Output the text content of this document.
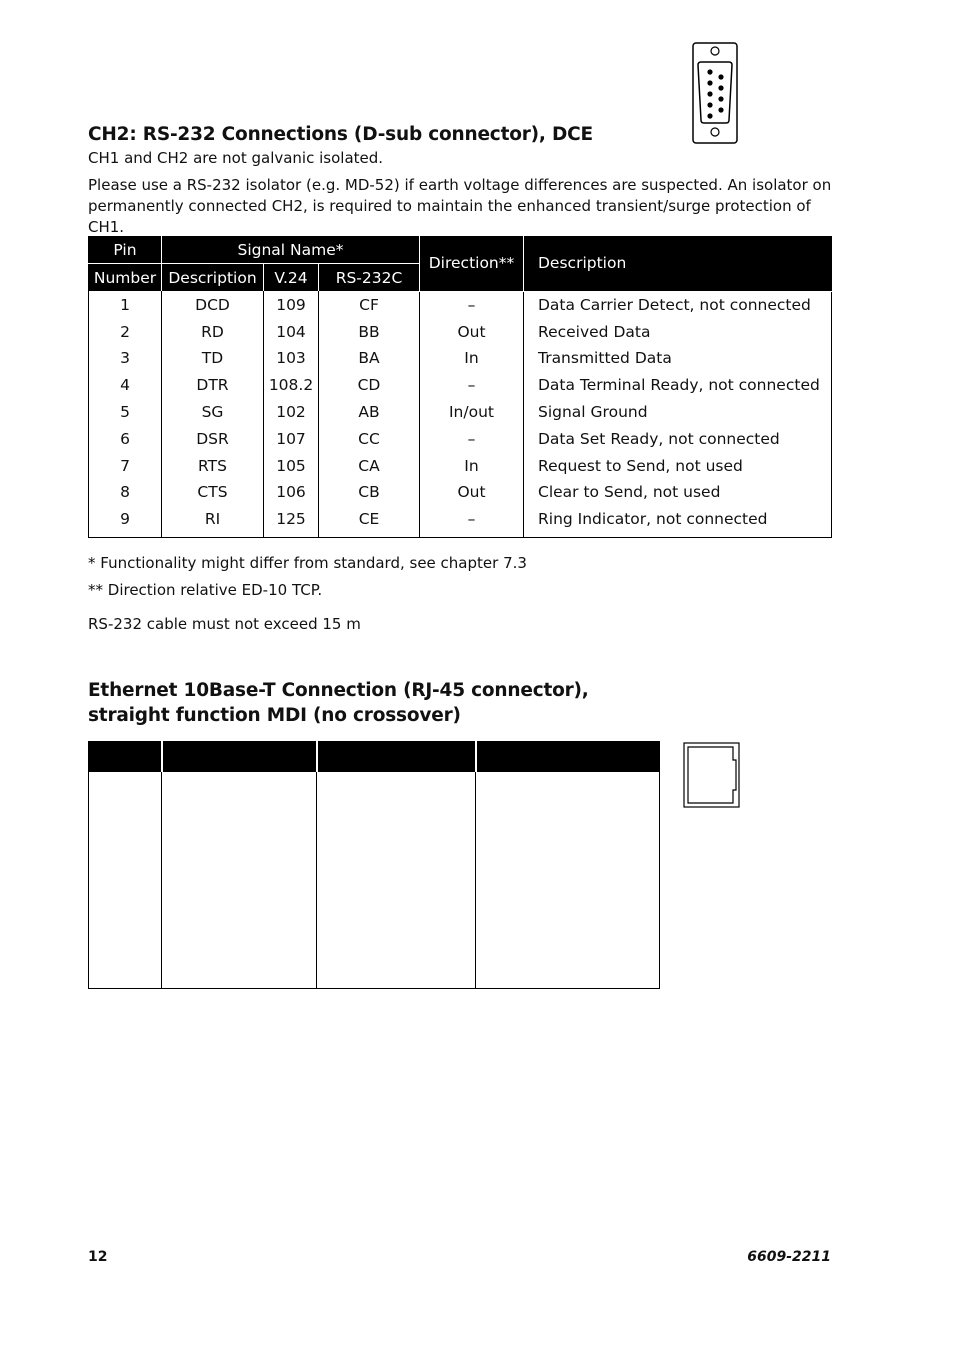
CH2: RS-232 Connections (D-sub connector), DCE
CH1 and CH2 are not galvanic isolated.
Please use a RS-232 isolator (e.g. MD-52) if earth voltage differences are suspected. An isolator on permanently connected CH2, is required to maintain the enhanced transient/surge protection of CH1.
Pin	Signal Name*			Direction**	Description
Number	Description	V.24	RS-232C		
1	DCD	109	CF	–	Data Carrier Detect, not connected
2	RD	104	BB	Out	Received Data
3	TD	103	BA	In	Transmitted Data
4	DTR	108.2	CD	–	Data Terminal Ready, not connected
5	SG	102	AB	In/out	Signal Ground
6	DSR	107	CC	–	Data Set Ready, not connected
7	RTS	105	CA	In	Request to Send, not used
8	CTS	106	CB	Out	Clear to Send, not used
9	RI	125	CE	–	Ring Indicator, not connected
* Functionality might differ from standard, see chapter 7.3
** Direction relative ED-10 TCP.
RS-232 cable must not exceed 15 m
Ethernet 10Base-T Connection (RJ-45 connector),
straight function MDI (no crossover)

12	6609-2211
